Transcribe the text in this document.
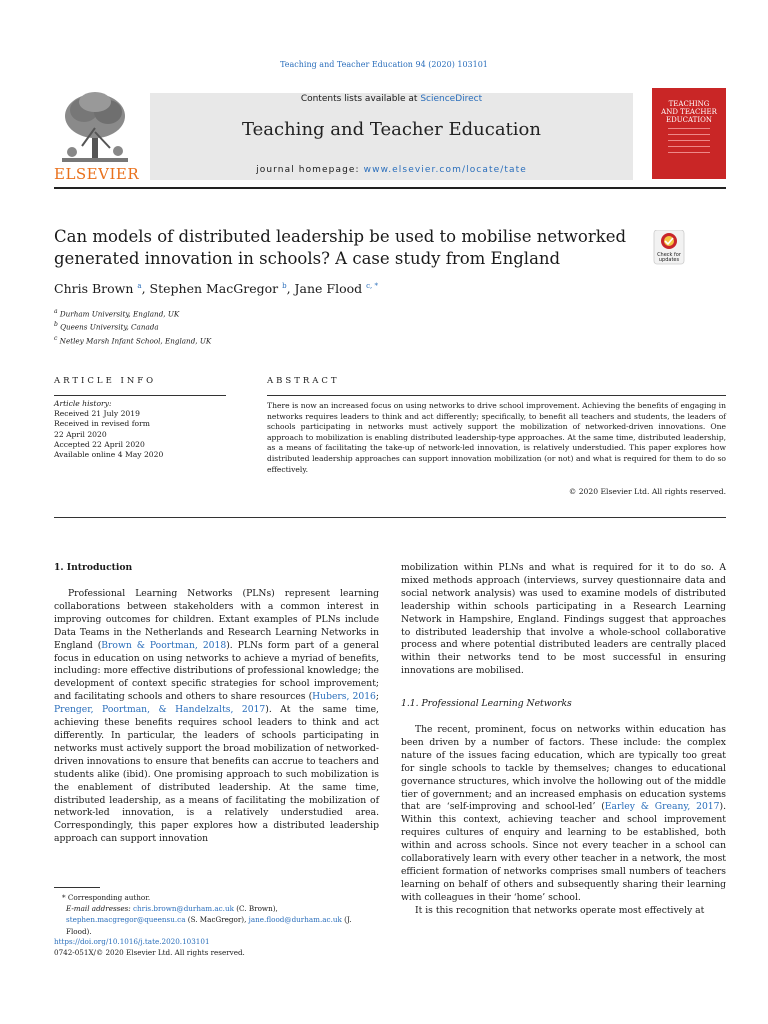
Teaching and Teacher Education 94 (2020) 103101
ELSEVIER
Contents lists available at ScienceDirect
Teaching and Teacher Education
journal homepage: www.elsevier.com/locate/tate
TEACHING
AND TEACHER
EDUCATION
Can models of distributed leadership be used to mobilise networked
generated innovation in schools? A case study from England	Check for
updates
Chris Brown $^a$, Stephen MacGregor $^b$, Jane Flood $^{c, *}$
$^a$ Durham University, England, UK
$^b$ Queens University, Canada
$^c$ Netley Marsh Infant School, England, UK
ARTICLE INFO	ABSTRACT
Article history:
Received 21 July 2019
Received in revised form
22 April 2020
Accepted 22 April 2020
Available online 4 May 2020
There is now an increased focus on using networks to drive school improvement. Achieving the benefits of engaging in networks requires leaders to think and act differently; specifically, to benefit all teachers and students, the leaders of schools participating in networks must actively support the mobilization of networked-driven innovations. One approach to mobilization is enabling distributed leadership-type approaches. At the same time, distributed leadership, as a means of facilitating the take-up of network-led innovation, is relatively understudied. This paper explores how distributed leadership approaches can support innovation mobilization (or not) and what is required for them to do so effectively.
© 2020 Elsevier Ltd. All rights reserved.
1. Introduction

Professional Learning Networks (PLNs) represent learning collaborations between stakeholders with a common interest in improving outcomes for children. Extant examples of PLNs include Data Teams in the Netherlands and Research Learning Networks in England (Brown & Poortman, 2018). PLNs form part of a general focus in education on using networks to achieve a myriad of benefits, including: more effective distributions of professional knowledge; the development of context specific strategies for school improvement; and facilitating schools and others to share resources (Hubers, 2016; Prenger, Poortman, & Handelzalts, 2017). At the same time, achieving these benefits requires school leaders to think and act differently. In particular, the leaders of schools participating in networks must actively support the broad mobilization of networked-driven innovations to ensure that benefits can accrue to teachers and students alike (ibid). One promising approach to such mobilization is the enablement of distributed leadership. At the same time, distributed leadership, as a means of facilitating the mobilization of network-led innovation, is a relatively understudied area. Correspondingly, this paper explores how a distributed leadership approach can support innovation

mobilization within PLNs and what is required for it to do so. A mixed methods approach (interviews, survey questionnaire data and social network analysis) was used to examine models of distributed leadership within schools participating in a Research Learning Network in Hampshire, England. Findings suggest that approaches to distributed leadership that involve a whole-school collaborative process and where potential distributed leaders are centrally placed within their networks tend to be most successful in ensuring innovations are mobilised.

1.1. Professional Learning Networks

The recent, prominent, focus on networks within education has been driven by a number of factors. These include: the complex nature of the issues facing education, which are typically too great for single schools to tackle by themselves; changes to educational governance structures, which involve the hollowing out of the middle tier of government; and an increased emphasis on education systems that are ‘self-improving and school-led’ (Earley & Greany, 2017). Within this context, achieving teacher and school improvement requires cultures of enquiry and learning to be established, both within and across schools. Since not every teacher in a school can collaboratively learn with every other teacher in a network, the most efficient formation of networks comprises small numbers of teachers learning on behalf of others and subsequently sharing their learning with colleagues in their ‘home’ school.

It is this recognition that networks operate most effectively at

* Corresponding author.
E-mail addresses: chris.brown@durham.ac.uk (C. Brown), stephen.macgregor@queensu.ca (S. MacGregor), jane.flood@durham.ac.uk (J. Flood).
https://doi.org/10.1016/j.tate.2020.103101
0742-051X/© 2020 Elsevier Ltd. All rights reserved.
